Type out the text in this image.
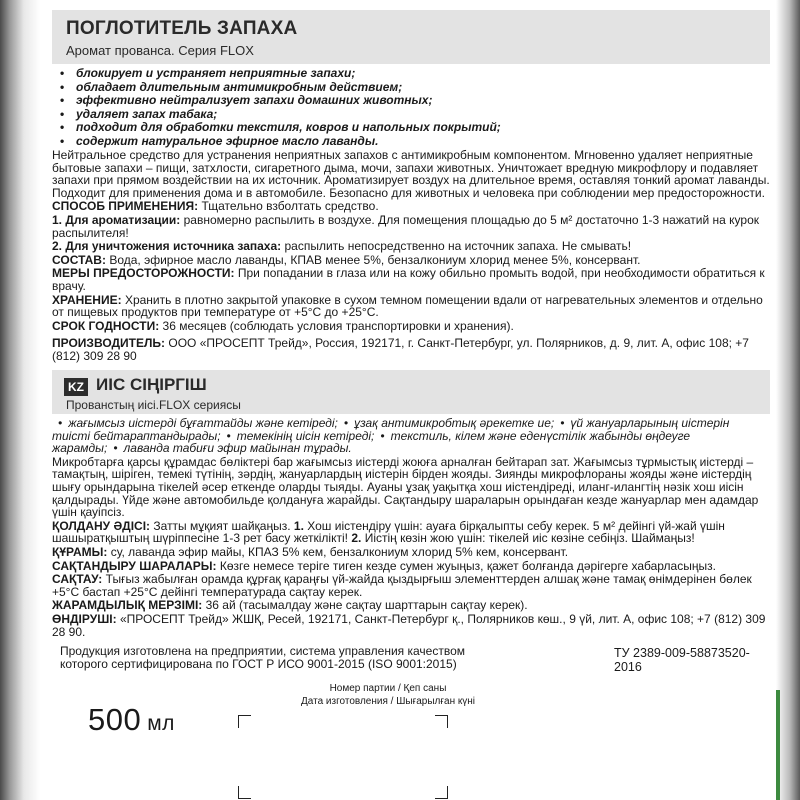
ПОГЛОТИТЕЛЬ ЗАПАХА
Аромат прованса. Серия FLOX
• блокирует и устраняет неприятные запахи;
• обладает длительным антимикробным действием;
• эффективно нейтрализует запахи домашних животных;
• удаляет запах табака;
• подходит для обработки текстиля, ковров и напольных покрытий;
• содержит натуральное эфирное масло лаванды.

Нейтральное средство для устранения неприятных запахов с антимикробным компонентом. Мгновенно удаляет неприятные бытовые запахи – пищи, затхлости, сигаретного дыма, мочи, запахи животных. Уничтожает вредную микрофлору и подавляет запахи при прямом воздействии на их источник. Ароматизирует воздух на длительное время, оставляя тонкий аромат лаванды. Подходит для применения дома и в автомобиле. Безопасно для животных и человека при соблюдении мер предосторожности.

СПОСОБ ПРИМЕНЕНИЯ: Тщательно взболтать средство.

1. Для ароматизации: равномерно распылить в воздухе. Для помещения площадью до 5 м² достаточно 1-3 нажатий на курок распылителя!

2. Для уничтожения источника запаха: распылить непосредственно на источник запаха. Не смывать!

СОСТАВ: Вода, эфирное масло лаванды, КПАВ менее 5%, бензалкониум хлорид менее 5%, консервант.

МЕРЫ ПРЕДОСТОРОЖНОСТИ: При попадании в глаза или на кожу обильно промыть водой, при необходимости обратиться к врачу.

ХРАНЕНИЕ: Хранить в плотно закрытой упаковке в сухом темном помещении вдали от нагревательных элементов и отдельно от пищевых продуктов при температуре от +5°C до +25°C.

СРОК ГОДНОСТИ: 36 месяцев (соблюдать условия транспортировки и хранения).

ПРОИЗВОДИТЕЛЬ: ООО «ПРОСЕПТ Трейд», Россия, 192171, г. Санкт-Петербург, ул. Полярников, д. 9, лит. А, офис 108; +7 (812) 309 28 90

KZ ИІС СІҢІРГІШ
Прованстың иісі.FLOX сериясы

• жағымсыз иістерді бұғаттайды және кетіреді; • ұзақ антимикробтық әрекетке ие; • үй жануарларының иістерін тиісті бейтараптандырады; • темекінің иісін кетіреді; • текстиль, кілем және еденүстілік жабынды өңдеуге жарамды; • лаванда табиғи эфир майынан тұрады.

Микробтарға қарсы құрамдас бөліктері бар жағымсыз иістерді жоюға арналған бейтарап зат. Жағымсыз тұрмыстық иістерді – тамақтың, шіріген, темекі түтінің, зәрдің, жануарлардың иістерін бірден жояды. Зиянды микрофлораны жояды және иістердің шығу орындарына тікелей әсер еткенде оларды тыяды. Ауаны ұзақ уақытқа хош иістендіреді, иланг-илангтің нәзік хош иісін қалдырады. Үйде және автомобильде қолдануға жарайды. Сақтандыру шараларын орындаған кезде жануарлар мен адамдар үшін қауіпсіз.

ҚОЛДАНУ ӘДІСІ: Затты мұқият шайқаңыз. 1. Хош иістендіру үшін: ауаға бірқалыпты себу керек. 5 м² дейінгі үй-жай үшін шашыратқыштың шүріппесіне 1-3 рет басу жеткілікті! 2. Иістің көзін жою үшін: тікелей иіс көзіне себіңіз. Шаймаңыз!

ҚҰРАМЫ: су, лаванда эфир майы, КПАЗ 5% кем, бензалкониум хлорид 5% кем, консервант.

САҚТАНДЫРУ ШАРАЛАРЫ: Көзге немесе теріге тиген кезде сумен жуыңыз, қажет болғанда дәрігерге хабарласыңыз.

САҚТАУ: Тығыз жабылған орамда құрғақ қараңғы үй-жайда қыздырғыш элементтерден алшақ және тамақ өнімдерінен бөлек +5°C бастап +25°C дейінгі температурада сақтау керек.

ЖАРАМДЫЛЫҚ МЕРЗІМІ: 36 ай (тасымалдау және сақтау шарттарын сақтау керек).

ӨНДІРУШІ: «ПРОСЕПТ Трейд» ЖШҚ, Ресей, 192171, Санкт-Петербург қ., Полярников көш., 9 үй, лит. А, офис 108; +7 (812) 309 28 90.

Продукция изготовлена на предприятии, система управления качеством которого сертифицирована по ГОСТ Р ИСО 9001-2015 (ISO 9001:2015)
ТУ 2389-009-58873520-2016
500 мл
Номер партии / Қеп саны
Дата изготовления / Шығарылған күні
